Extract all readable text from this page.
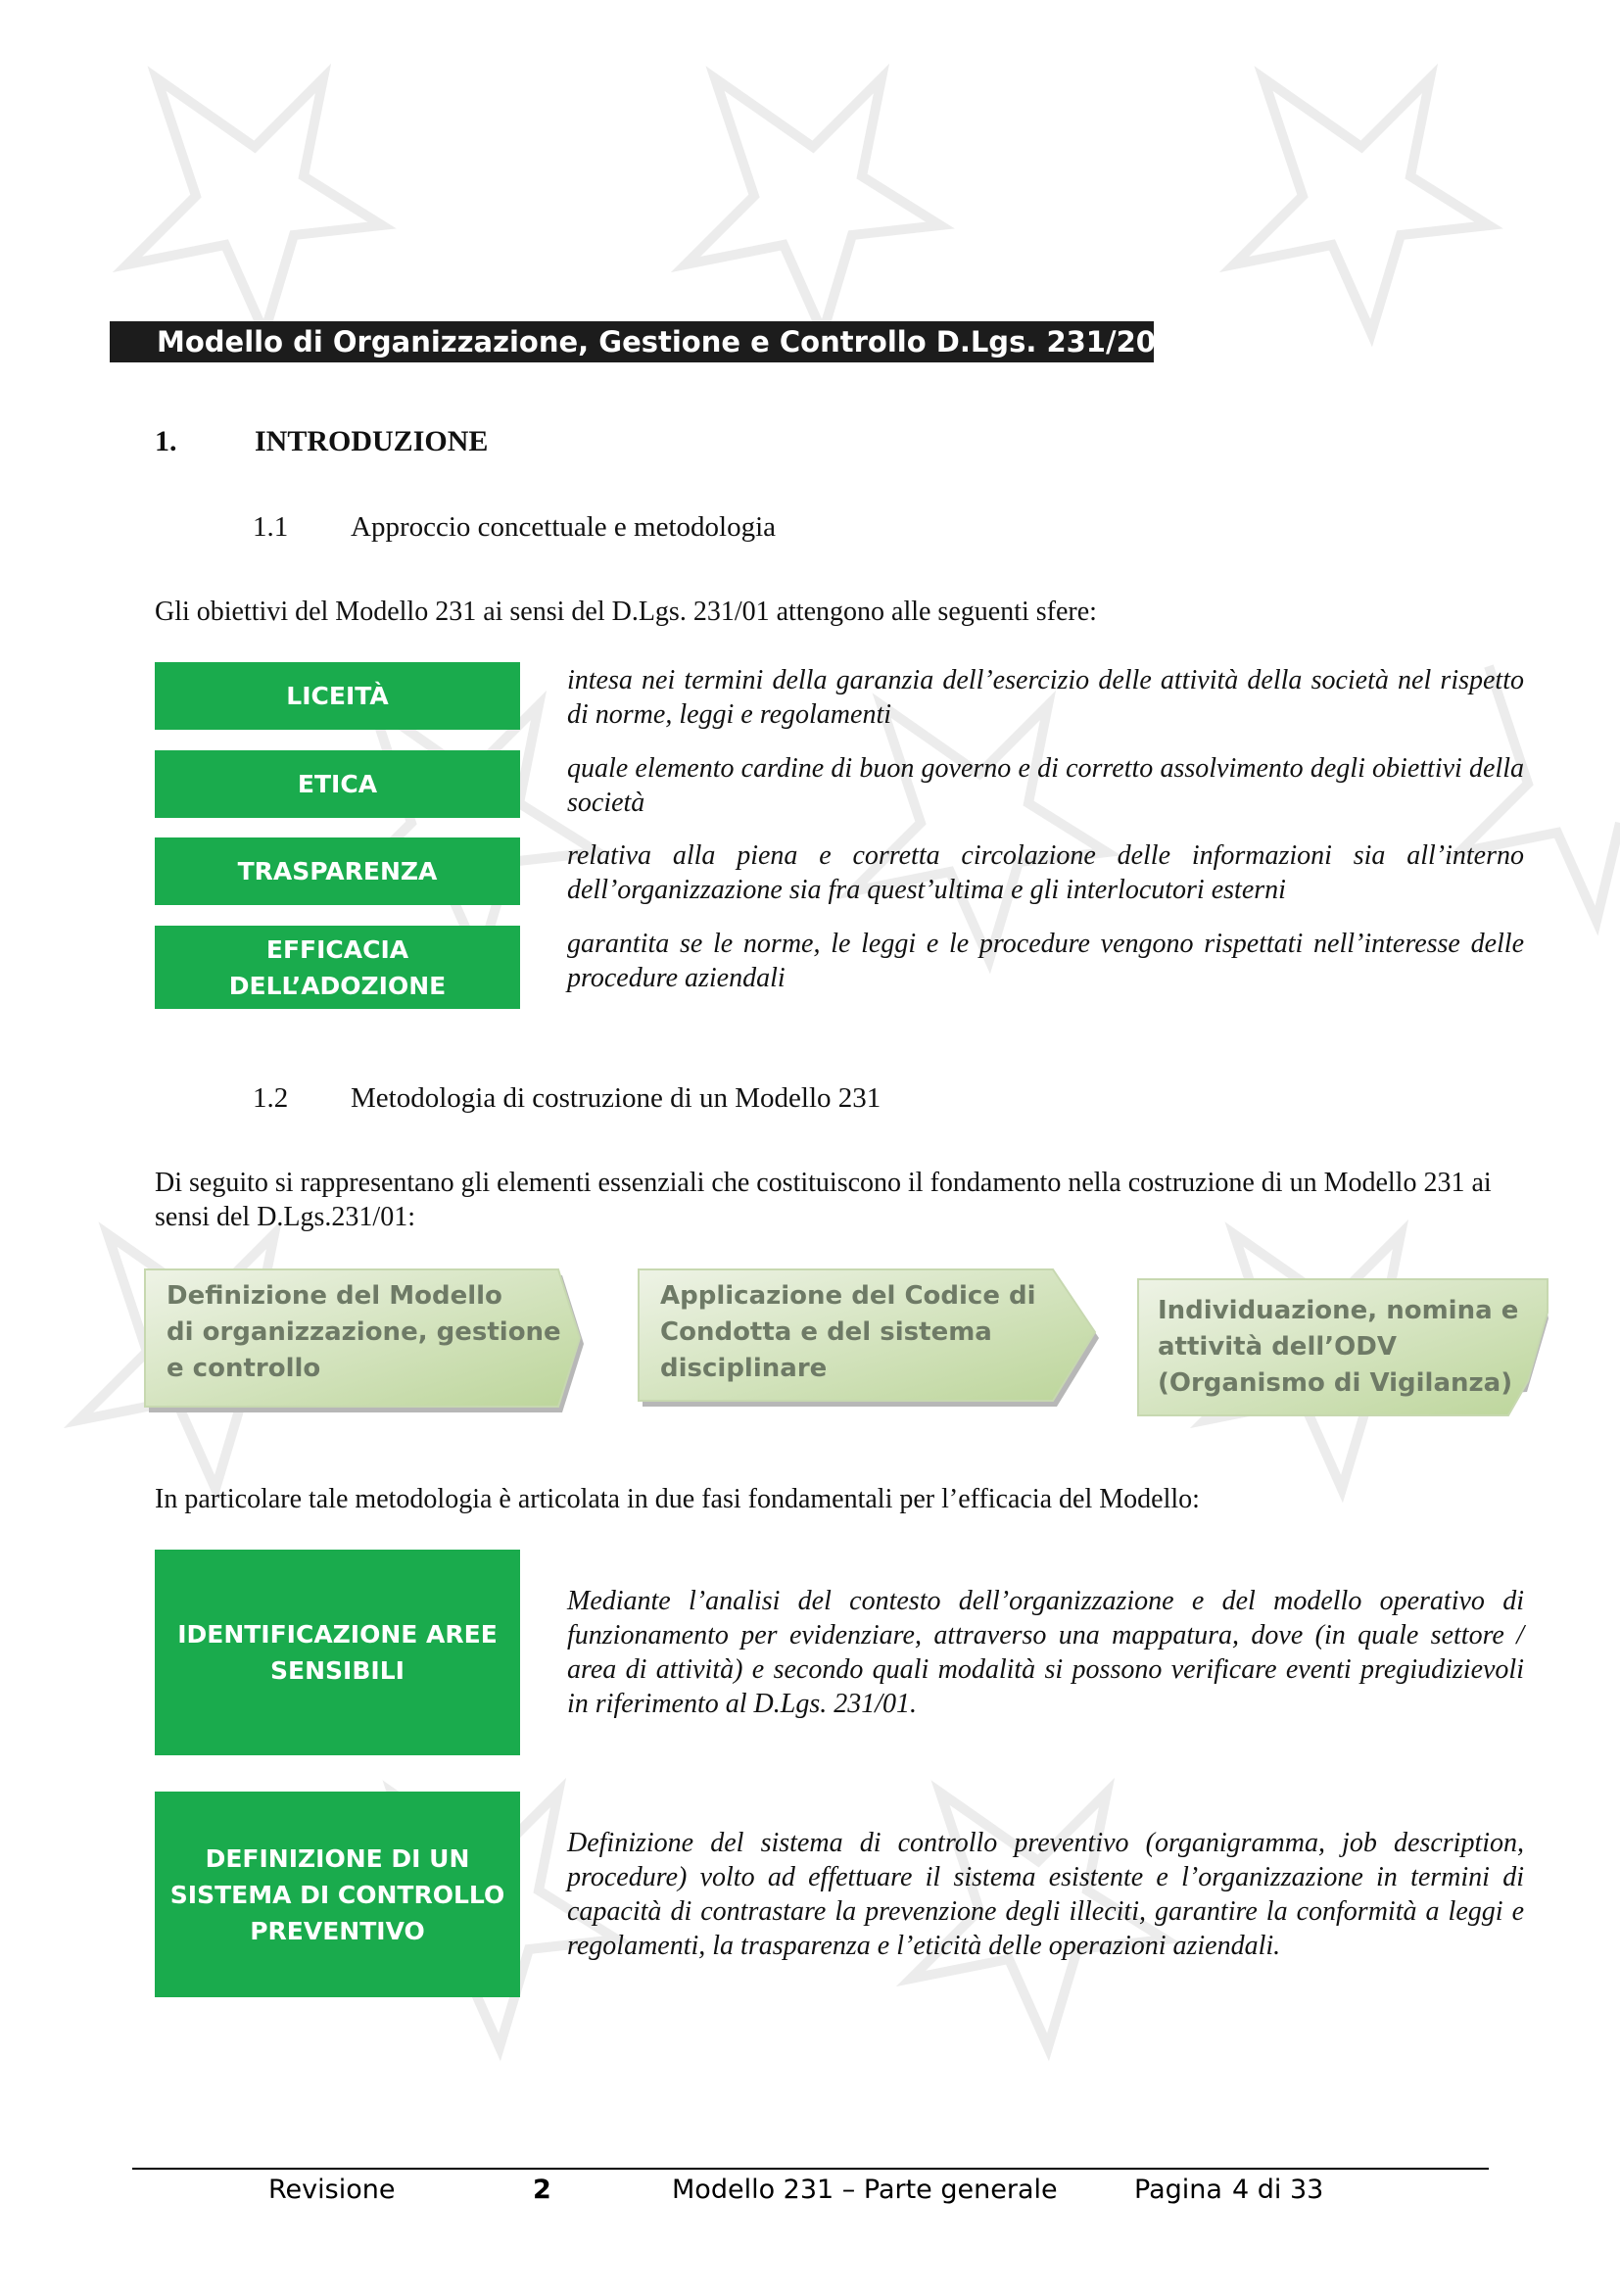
Modello di Organizzazione, Gestione e Controllo D.Lgs. 231/2001
1.	INTRODUZIONE
1.1 Approccio concettuale e metodologia
Gli obiettivi del Modello 231 ai sensi del D.Lgs. 231/01 attengono alle seguenti sfere:
LICEITÀ
intesa nei termini della garanzia dell’esercizio delle attività della società nel rispetto di norme, leggi e regolamenti
ETICA
quale elemento cardine di buon governo e di corretto assolvimento degli obiettivi della società
TRASPARENZA
relativa alla piena e corretta circolazione delle informazioni sia all’interno dell’organizzazione sia fra quest’ultima e gli interlocutori esterni
EFFICACIA DELL’ADOZIONE
garantita se le norme, le leggi e le procedure vengono rispettati nell’interesse delle procedure aziendali
1.2 Metodologia di costruzione di un Modello 231
Di seguito si rappresentano gli elementi essenziali che costituiscono il fondamento nella costruzione di un Modello 231 ai sensi del D.Lgs.231/01:
Definizione del Modello
di organizzazione, gestione
e controllo
Applicazione del Codice di
Condotta e del sistema
disciplinare
Individuazione, nomina e
attività dell’ODV
(Organismo di Vigilanza)
In particolare tale metodologia è articolata in due fasi fondamentali per l’efficacia del Modello:
IDENTIFICAZIONE AREE
SENSIBILI
Mediante l’analisi del contesto dell’organizzazione e del modello operativo di funzionamento per evidenziare, attraverso una mappatura, dove (in quale settore / area di attività) e secondo quali modalità si possono verificare eventi pregiudizievoli in riferimento al D.Lgs. 231/01.
DEFINIZIONE DI UN
SISTEMA DI CONTROLLO
PREVENTIVO
Definizione del sistema di controllo preventivo (organigramma, job description, procedure) volto ad effettuare il sistema esistente e l’organizzazione in termini di capacità di contrastare la prevenzione degli illeciti, garantire la conformità a leggi e regolamenti, la trasparenza e l’eticità delle operazioni aziendali.
Revisione	2	Modello 231 – Parte generale	Pagina 4 di 33
